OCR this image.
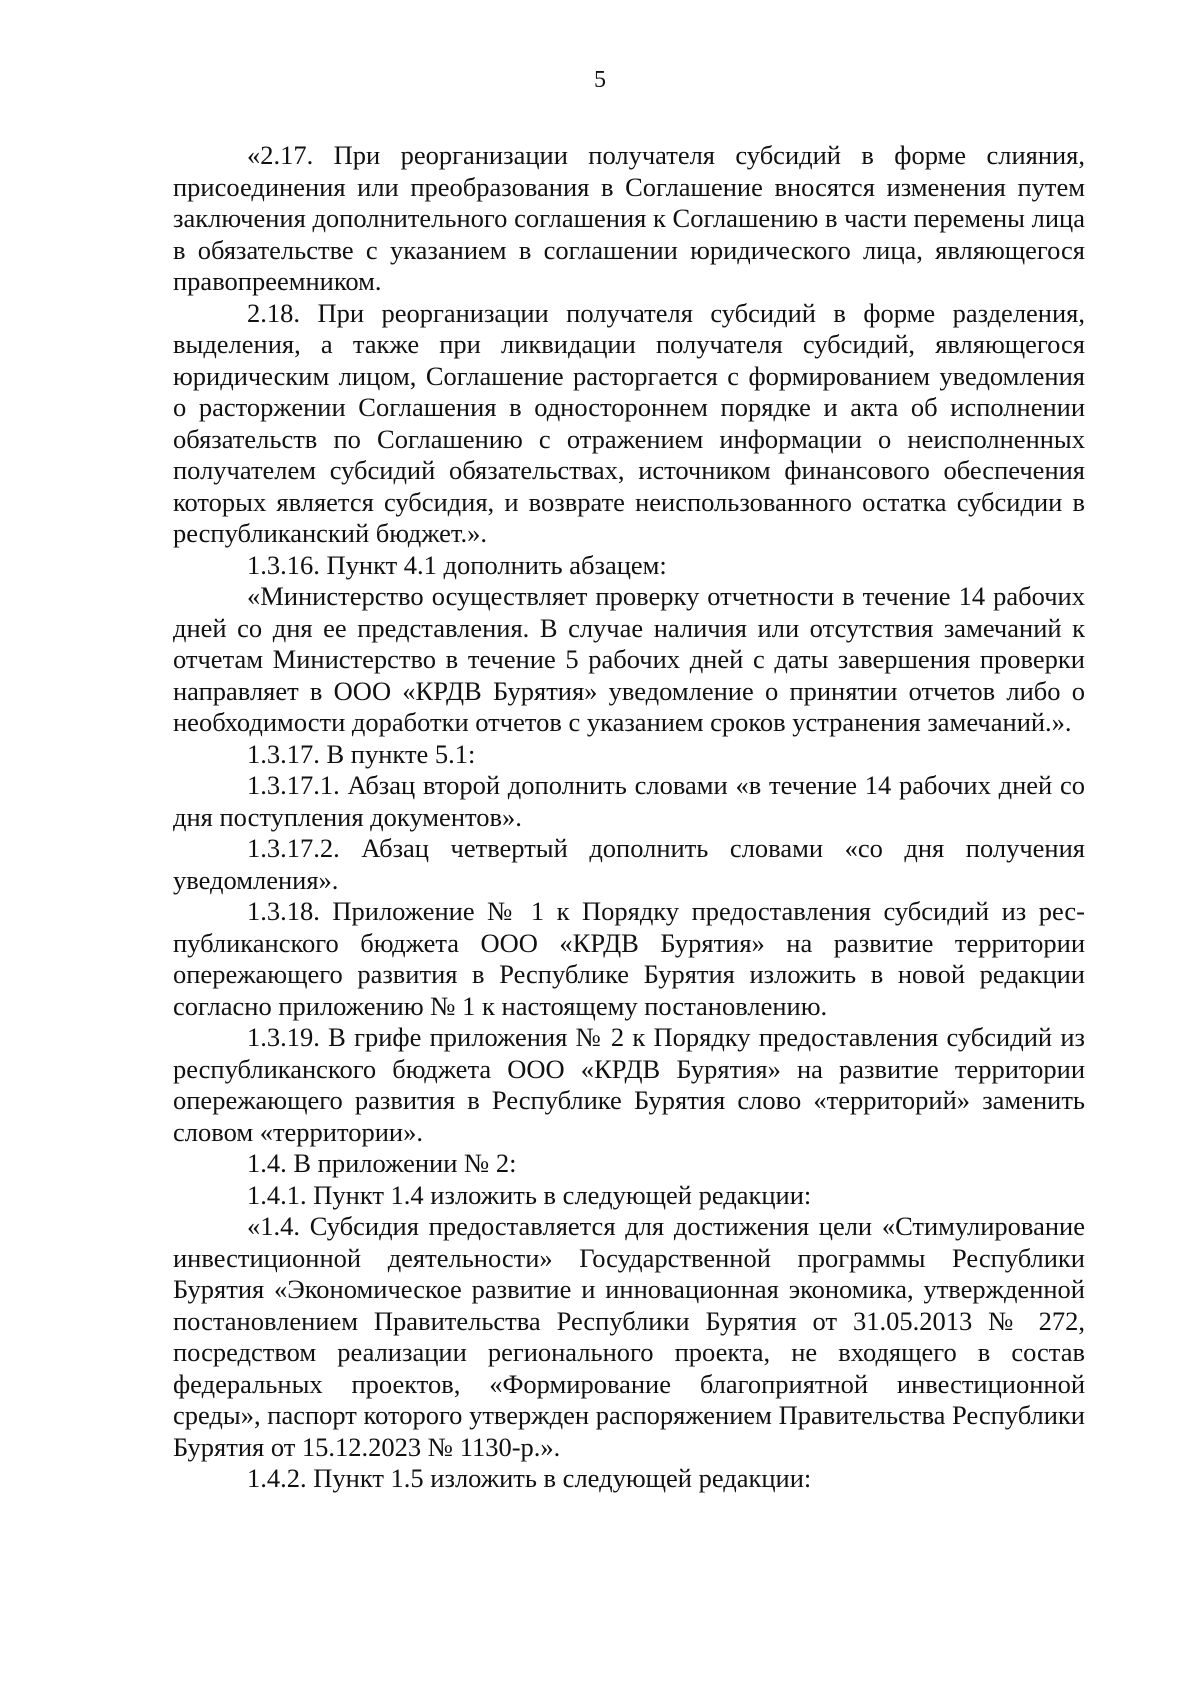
5

«2.17. При реорганизации получателя субсидий в форме слияния, присоединения или преобразования в Соглашение вносятся изменения путем заключения дополнительного соглашения к Соглашению в части перемены лица в обязательстве с указанием в соглашении юридического лица, являющегося правопреемником.

2.18. При реорганизации получателя субсидий в форме разделения, выделения, а также при ликвидации получателя субсидий, являющегося юридическим лицом, Соглашение расторгается с формированием уведомления о расторжении Соглашения в одностороннем порядке и акта об исполнении обязательств по Соглашению с отражением информации о неисполненных получателем субсидий обязательствах, источником финансового обеспечения которых является субсидия, и возврате неиспользованного остатка субсидии в республиканский бюджет.».

1.3.16. Пункт 4.1 дополнить абзацем:

«Министерство осуществляет проверку отчетности в течение 14 рабочих дней со дня ее представления. В случае наличия или отсутствия замечаний к отчетам Министерство в течение 5 рабочих дней с даты завершения проверки направляет в ООО «КРДВ Бурятия» уведомление о принятии отчетов либо о необходимости доработки отчетов с указанием сроков устранения замечаний.».

1.3.17. В пункте 5.1:

1.3.17.1. Абзац второй дополнить словами «в течение 14 рабочих дней со дня поступления документов».

1.3.17.2. Абзац четвертый дополнить словами «со дня получения уведомления».

1.3.18. Приложение № 1 к Порядку предоставления субсидий из республиканского бюджета ООО «КРДВ Бурятия» на развитие территории опережающего развития в Республике Бурятия изложить в новой редакции согласно приложению № 1 к настоящему постановлению.

1.3.19. В грифе приложения № 2 к Порядку предоставления субсидий из республиканского бюджета ООО «КРДВ Бурятия» на развитие территории опережающего развития в Республике Бурятия слово «территорий» заменить словом «территории».

1.4. В приложении № 2:

1.4.1. Пункт 1.4 изложить в следующей редакции:

«1.4. Субсидия предоставляется для достижения цели «Стимулирование инвестиционной деятельности» Государственной программы Республики Бурятия «Экономическое развитие и инновационная экономика, утвержденной постановлением Правительства Республики Бурятия от 31.05.2013 № 272, посредством реализации регионального проекта, не входящего в состав федеральных проектов, «Формирование благоприятной инвестиционной среды», паспорт которого утвержден распоряжением Правительства Республики Бурятия от 15.12.2023 № 1130-р.».

1.4.2. Пункт 1.5 изложить в следующей редакции:
